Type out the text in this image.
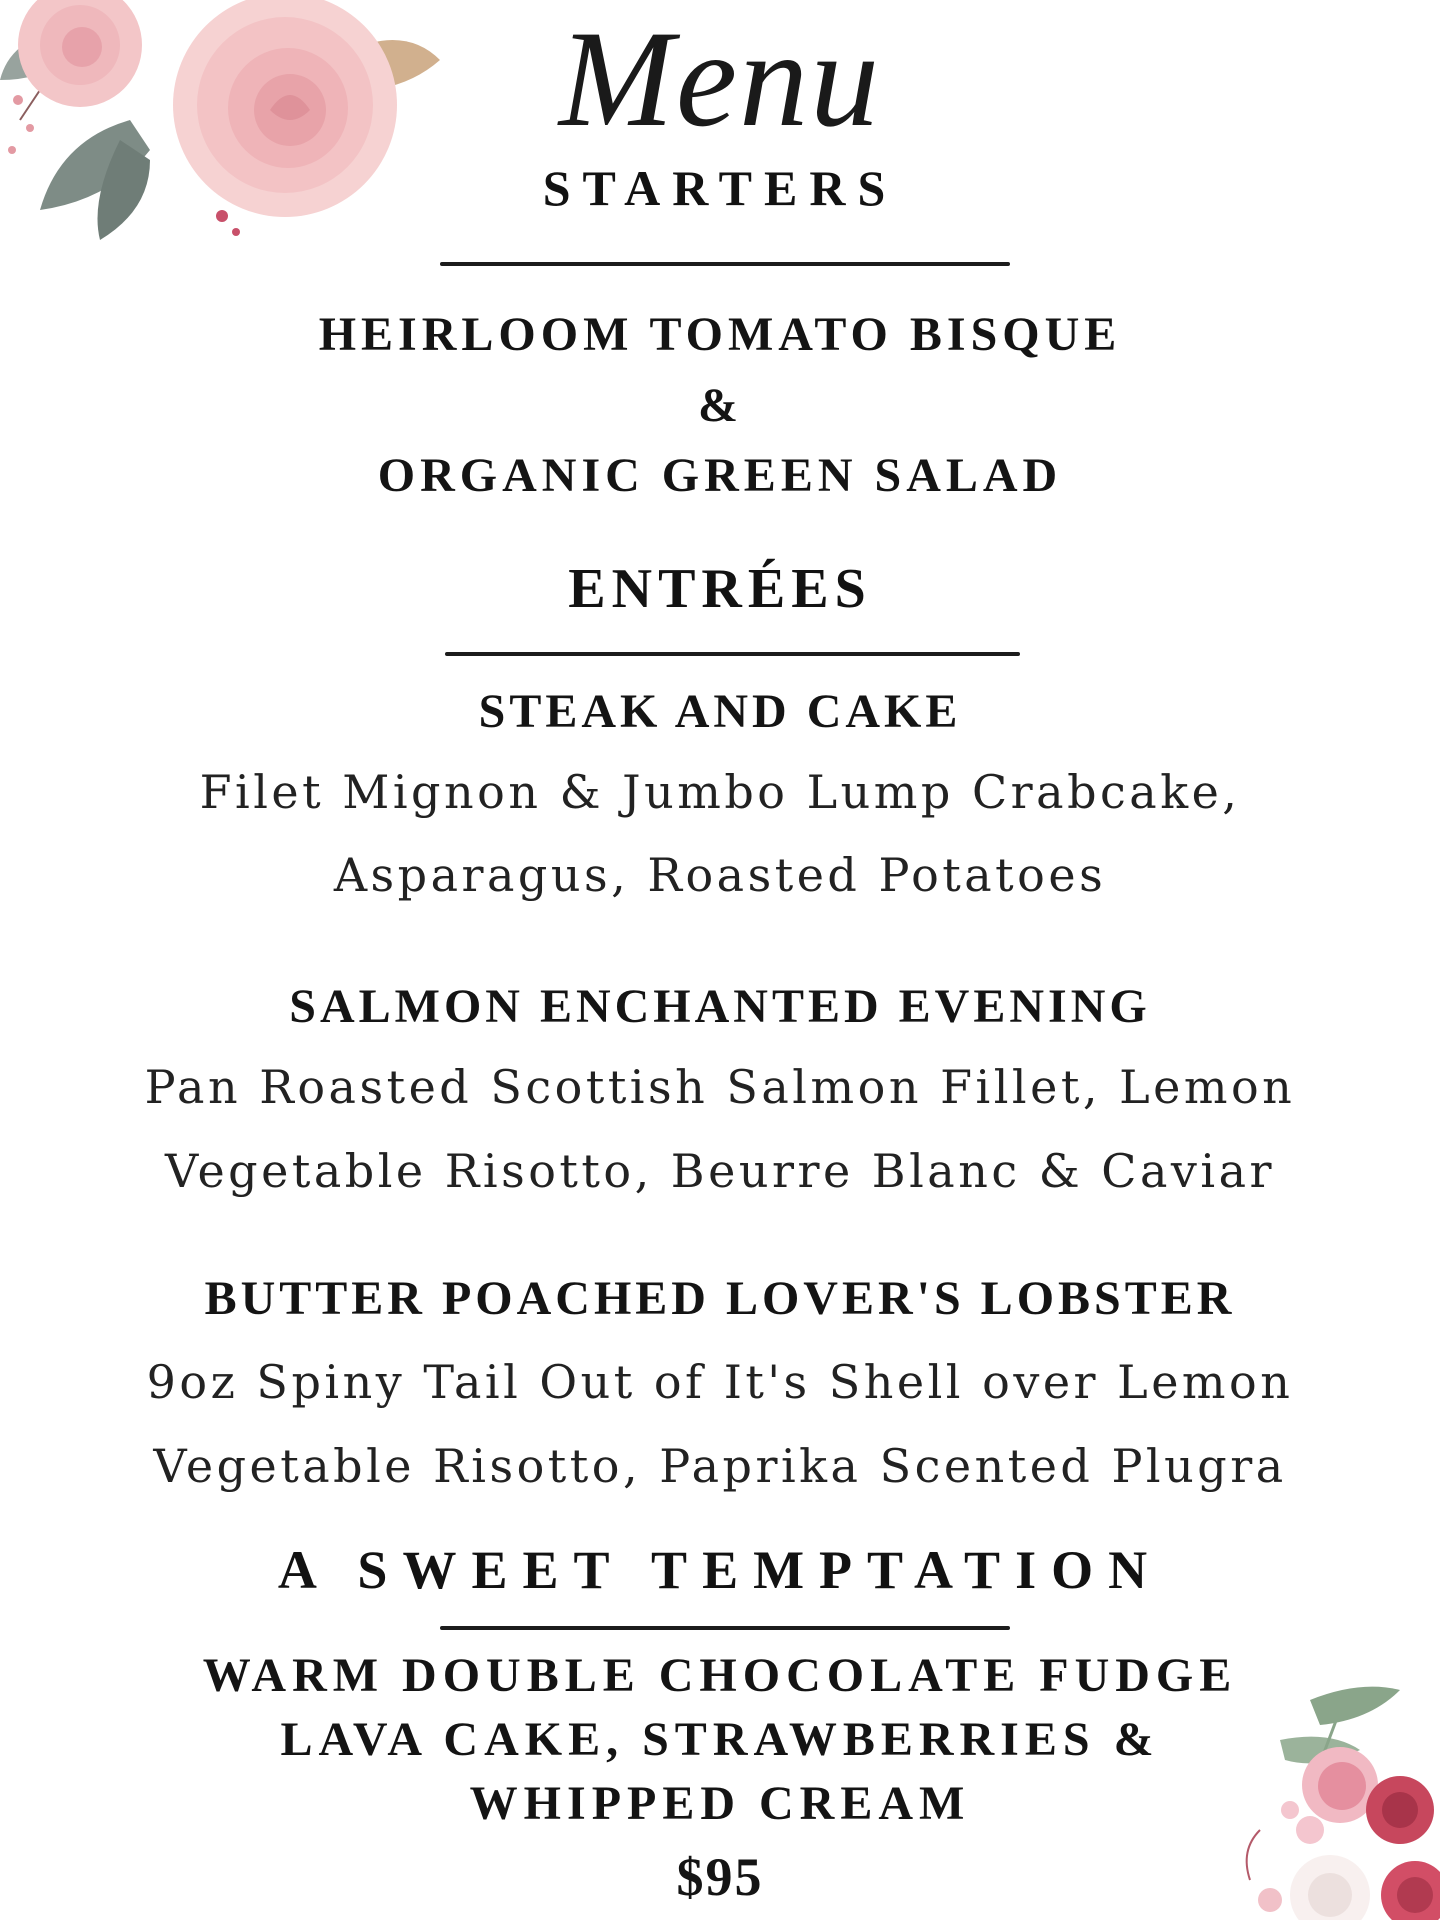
Menu
STARTERS
HEIRLOOM TOMATO BISQUE
&
ORGANIC GREEN SALAD
ENTRÉES
STEAK AND CAKE
Filet Mignon & Jumbo Lump Crabcake,
Asparagus, Roasted Potatoes
SALMON ENCHANTED EVENING
Pan Roasted Scottish Salmon Fillet, Lemon
Vegetable Risotto, Beurre Blanc & Caviar
BUTTER POACHED LOVER'S LOBSTER
9oz Spiny Tail Out of It's Shell over Lemon
Vegetable Risotto, Paprika Scented Plugra
A SWEET TEMPTATION
WARM DOUBLE CHOCOLATE FUDGE
LAVA CAKE, STRAWBERRIES &
WHIPPED CREAM
$95
